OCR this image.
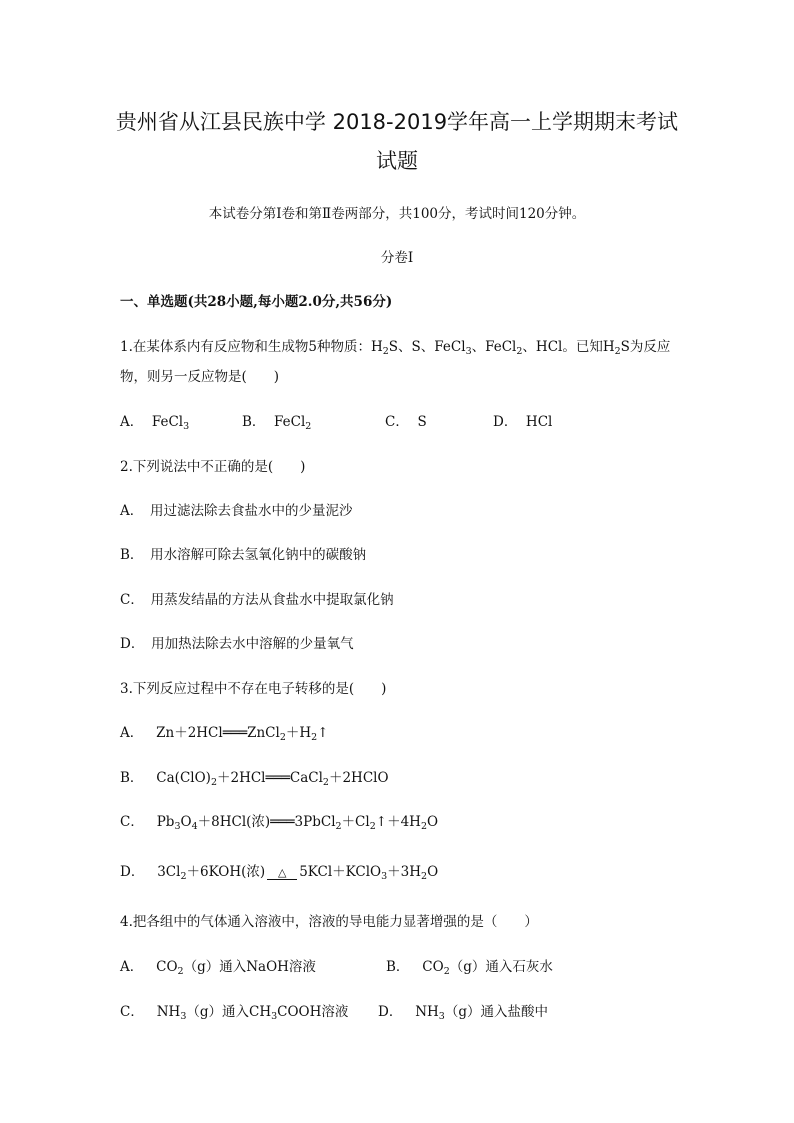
贵州省从江县民族中学 2018-2019学年高一上学期期末考试
试题
本试卷分第Ⅰ卷和第Ⅱ卷两部分，共100分，考试时间120分钟。
分卷I
一、单选题(共28小题,每小题2.0分,共56分)
1.在某体系内有反应物和生成物5种物质：$H_2S$、S、FeCl$_3$、FeCl$_2$、HCl。已知$H_2S$为反应
物，则另一反应物是(　　)
A． FeCl$_3$	B． FeCl$_2$	C． S	D． HCl
2.下列说法中不正确的是(　　)
A．　用过滤法除去食盐水中的少量泥沙
B．　用水溶解可除去氢氧化钠中的碳酸钠
C．　用蒸发结晶的方法从食盐水中提取氯化钠
D．　用加热法除去水中溶解的少量氧气
3.下列反应过程中不存在电子转移的是(　　)
A． $Zn+2HCl═══ZnCl_2+H_2↑$
B． $Ca(ClO)_2+2HCl═══CaCl_2+2HClO$
C． $Pb_3O_4+8HCl$(浓)$═══3PbCl_2+Cl_2↑+4H_2O$
D． $3Cl_2+6KOH$(浓) △ $5KCl+KClO_3+3H_2O$
4.把各组中的气体通入溶液中，溶液的导电能力显著增强的是（　　）
A． $CO_2(g)$通入NaOH溶液	B． $CO_2(g)$通入石灰水
C． $NH_3(g)$通入$CH_3COOH$溶液 D． $NH_3(g)$通入盐酸中
